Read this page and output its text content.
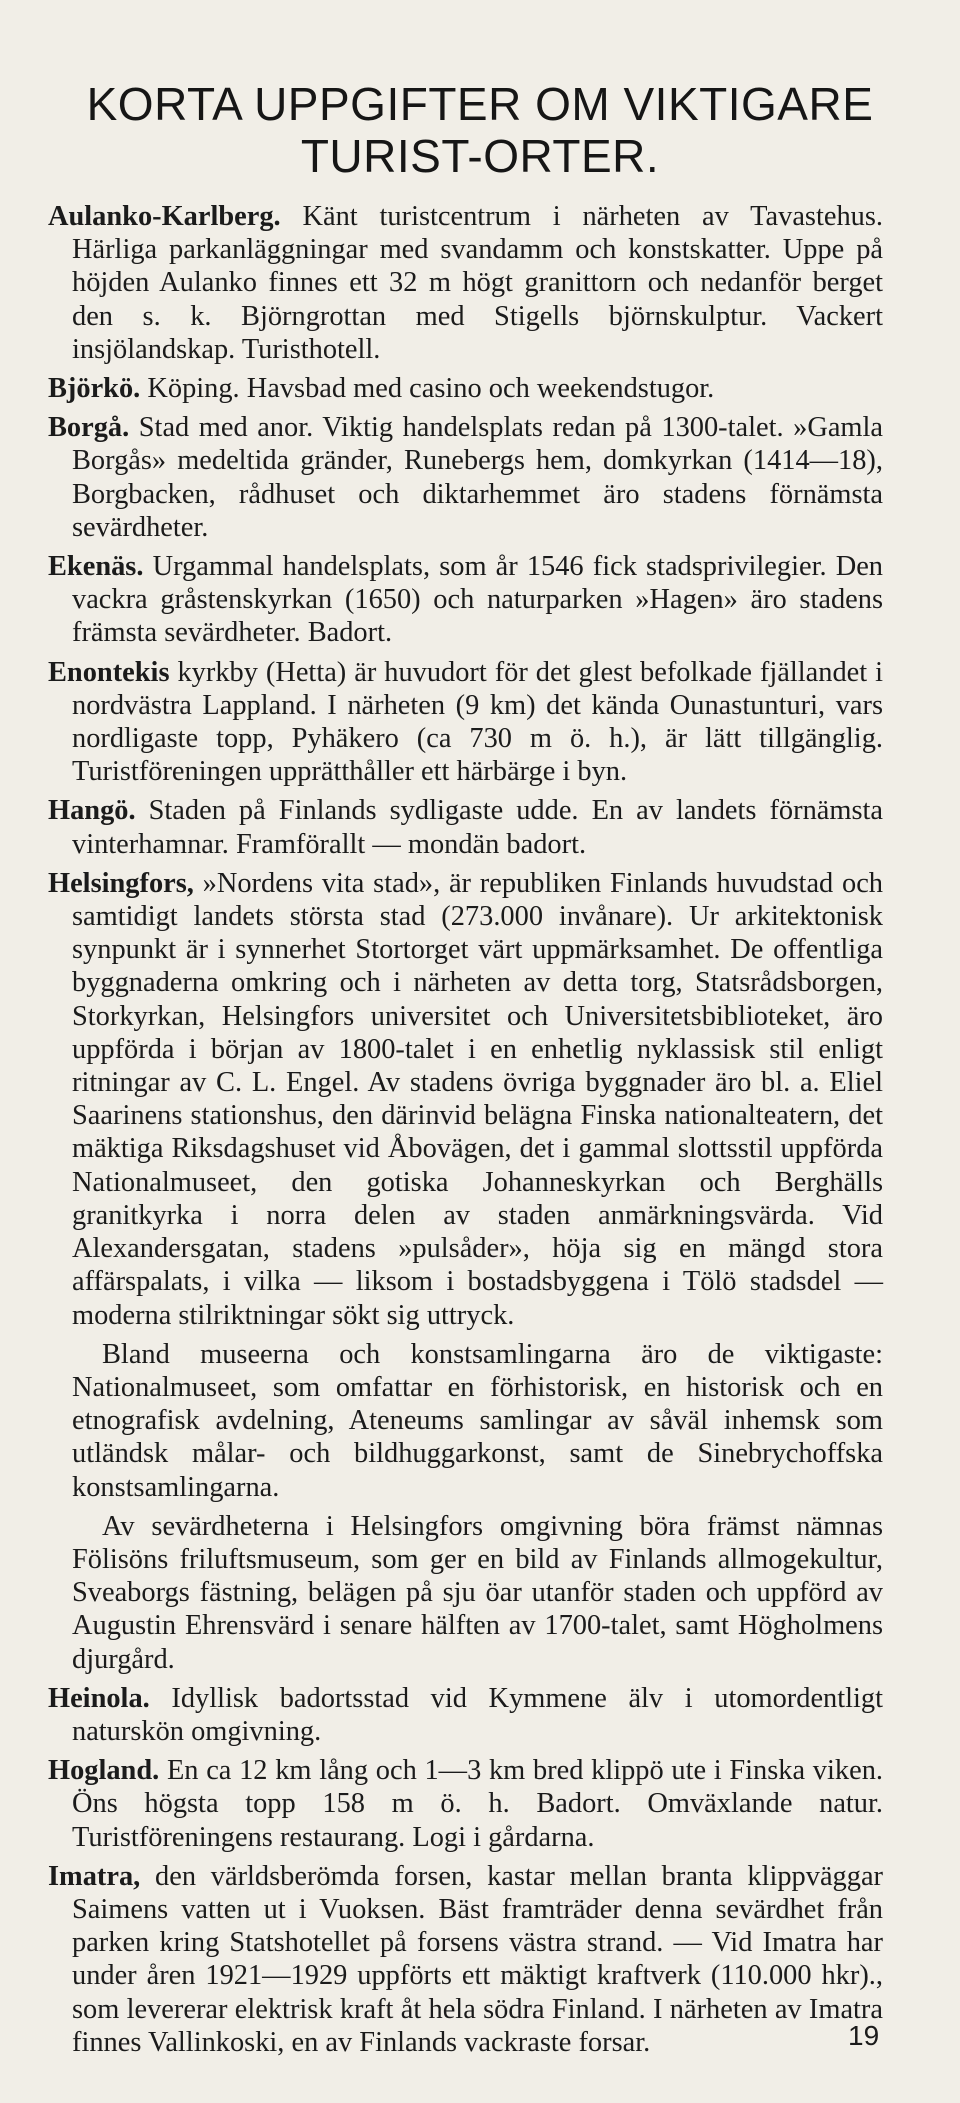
KORTA UPPGIFTER OM VIKTIGARE TURIST-ORTER.

Aulanko-Karlberg. Känt turistcentrum i närheten av Tavastehus. Härliga parkanläggningar med svandamm och konstskatter. Uppe på höjden Aulanko finnes ett 32 m högt granittorn och nedanför berget den s. k. Björngrottan med Stigells björnskulptur. Vackert insjölandskap. Turisthotell.

Björkö. Köping. Havsbad med casino och weekendstugor.

Borgå. Stad med anor. Viktig handelsplats redan på 1300-talet. »Gamla Borgås» medeltida gränder, Runebergs hem, domkyrkan (1414—18), Borgbacken, rådhuset och diktarhemmet äro stadens förnämsta sevärdheter.

Ekenäs. Urgammal handelsplats, som år 1546 fick stadsprivilegier. Den vackra gråstenskyrkan (1650) och naturparken »Hagen» äro stadens främsta sevärdheter. Badort.

Enontekis kyrkby (Hetta) är huvudort för det glest befolkade fjällandet i nordvästra Lappland. I närheten (9 km) det kända Ounastunturi, vars nordligaste topp, Pyhäkero (ca 730 m ö. h.), är lätt tillgänglig. Turistföreningen upprätthåller ett härbärge i byn.

Hangö. Staden på Finlands sydligaste udde. En av landets förnämsta vinterhamnar. Framförallt — mondän badort.

Helsingfors, »Nordens vita stad», är republiken Finlands huvudstad och samtidigt landets största stad (273.000 invånare). Ur arkitektonisk synpunkt är i synnerhet Stortorget värt uppmärksamhet. De offentliga byggnaderna omkring och i närheten av detta torg, Statsrådsborgen, Storkyrkan, Helsingfors universitet och Universitetsbiblioteket, äro uppförda i början av 1800-talet i en enhetlig nyklassisk stil enligt ritningar av C. L. Engel. Av stadens övriga byggnader äro bl. a. Eliel Saarinens stationshus, den därinvid belägna Finska nationalteatern, det mäktiga Riksdagshuset vid Åbovägen, det i gammal slottsstil uppförda Nationalmuseet, den gotiska Johanneskyrkan och Berghälls granitkyrka i norra delen av staden anmärkningsvärda. Vid Alexandersgatan, stadens »pulsåder», höja sig en mängd stora affärspalats, i vilka — liksom i bostadsbyggena i Tölö stadsdel — moderna stilriktningar sökt sig uttryck.

Bland museerna och konstsamlingarna äro de viktigaste: Nationalmuseet, som omfattar en förhistorisk, en historisk och en etnografisk avdelning, Ateneums samlingar av såväl inhemsk som utländsk målar- och bildhuggarkonst, samt de Sinebrychoffska konstsamlingarna.

Av sevärdheterna i Helsingfors omgivning böra främst nämnas Fölisöns friluftsmuseum, som ger en bild av Finlands allmogekultur, Sveaborgs fästning, belägen på sju öar utanför staden och uppförd av Augustin Ehrensvärd i senare hälften av 1700-talet, samt Högholmens djurgård.

Heinola. Idyllisk badortsstad vid Kymmene älv i utomordentligt naturskön omgivning.

Hogland. En ca 12 km lång och 1—3 km bred klippö ute i Finska viken. Öns högsta topp 158 m ö. h. Badort. Omväxlande natur. Turistföreningens restaurang. Logi i gårdarna.

Imatra, den världsberömda forsen, kastar mellan branta klippväggar Saimens vatten ut i Vuoksen. Bäst framträder denna sevärdhet från parken kring Statshotellet på forsens västra strand. — Vid Imatra har under åren 1921—1929 uppförts ett mäktigt kraftverk (110.000 hkr)., som levererar elektrisk kraft åt hela södra Finland. I närheten av Imatra finnes Vallinkoski, en av Finlands vackraste forsar.	19
